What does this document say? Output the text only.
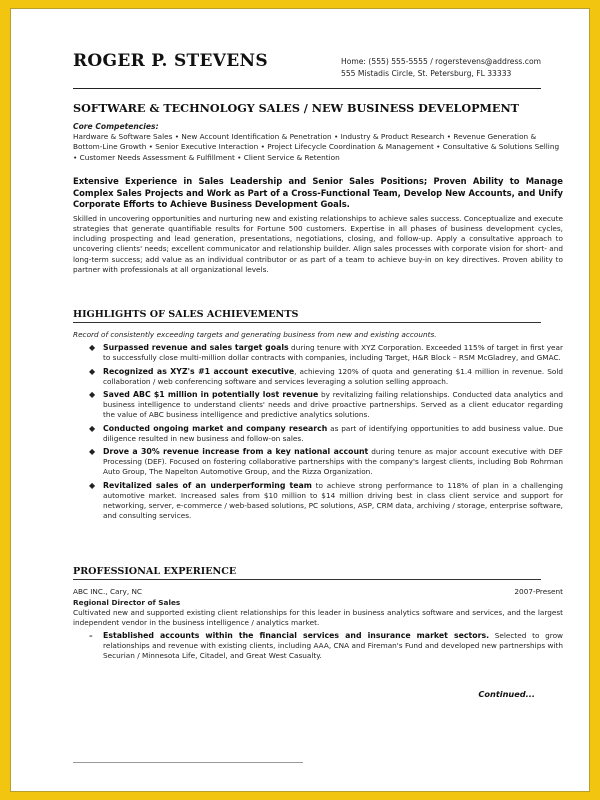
ROGER P. STEVENS	Home: (555) 555-5555 / rogerstevens@address.com
555 Mistadis Circle, St. Petersburg, FL 33333
SOFTWARE & TECHNOLOGY SALES / NEW BUSINESS DEVELOPMENT
Core Competencies:
Hardware & Software Sales • New Account Identification & Penetration • Industry & Product Research • Revenue Generation & Bottom-Line Growth • Senior Executive Interaction • Project Lifecycle Coordination & Management • Consultative & Solutions Selling • Customer Needs Assessment & Fulfillment • Client Service & Retention
Extensive Experience in Sales Leadership and Senior Sales Positions; Proven Ability to Manage Complex Sales Projects and Work as Part of a Cross-Functional Team, Develop New Accounts, and Unify Corporate Efforts to Achieve Business Development Goals.
Skilled in uncovering opportunities and nurturing new and existing relationships to achieve sales success. Conceptualize and execute strategies that generate quantifiable results for Fortune 500 customers. Expertise in all phases of business development cycles, including prospecting and lead generation, presentations, negotiations, closing, and follow-up. Apply a consultative approach to uncovering clients' needs; excellent communicator and relationship builder. Align sales processes with corporate vision for short- and long-term success; add value as an individual contributor or as part of a team to achieve buy-in on key directives. Proven ability to partner with professionals at all organizational levels.
HIGHLIGHTS OF SALES ACHIEVEMENTS
Record of consistently exceeding targets and generating business from new and existing accounts.
◆ Surpassed revenue and sales target goals during tenure with XYZ Corporation. Exceeded 115% of target in first year to successfully close multi-million dollar contracts with companies, including Target, H&R Block – RSM McGladrey, and GMAC.
◆ Recognized as XYZ's #1 account executive, achieving 120% of quota and generating $1.4 million in revenue. Sold collaboration / web conferencing software and services leveraging a solution selling approach.
◆ Saved ABC $1 million in potentially lost revenue by revitalizing failing relationships. Conducted data analytics and business intelligence to understand clients' needs and drive proactive partnerships. Served as a client educator regarding the value of ABC business intelligence and predictive analytics solutions.
◆ Conducted ongoing market and company research as part of identifying opportunities to add business value. Due diligence resulted in new business and follow-on sales.
◆ Drove a 30% revenue increase from a key national account during tenure as major account executive with DEF Processing (DEF). Focused on fostering collaborative partnerships with the company's largest clients, including Bob Rohrman Auto Group, The Napelton Automotive Group, and the Rizza Organization.
◆ Revitalized sales of an underperforming team to achieve strong performance to 118% of plan in a challenging automotive market. Increased sales from $10 million to $14 million driving best in class client service and support for networking, server, e-commerce / web-based solutions, PC solutions, ASP, CRM data, archiving / storage, enterprise software, and consulting services.
PROFESSIONAL EXPERIENCE
ABC INC., Cary, NC	2007-Present
Regional Director of Sales
Cultivated new and supported existing client relationships for this leader in business analytics software and services, and the largest independent vendor in the business intelligence / analytics market.
– Established accounts within the financial services and insurance market sectors. Selected to grow relationships and revenue with existing clients, including AAA, CNA and Fireman's Fund and developed new partnerships with Securian / Minnesota Life, Citadel, and Great West Casualty.
Continued...
